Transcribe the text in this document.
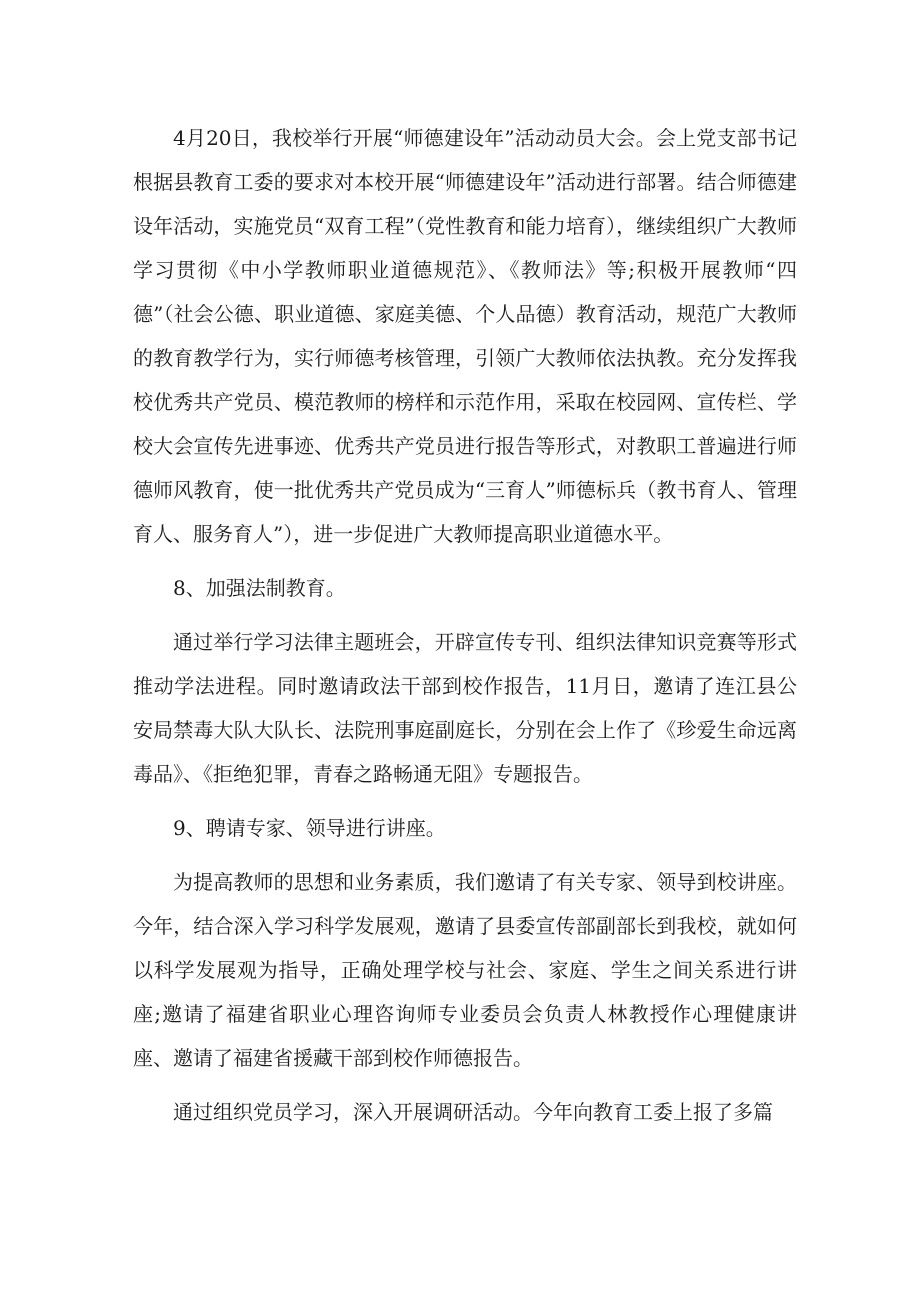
4月20日，我校举行开展“师德建设年”活动动员大会。会上党支部书记根据县教育工委的要求对本校开展“师德建设年”活动进行部署。结合师德建设年活动，实施党员“双育工程”（党性教育和能力培育），继续组织广大教师学习贯彻《中小学教师职业道德规范》、《教师法》等;积极开展教师“四德”（社会公德、职业道德、家庭美德、个人品德）教育活动，规范广大教师的教育教学行为，实行师德考核管理，引领广大教师依法执教。充分发挥我校优秀共产党员、模范教师的榜样和示范作用，采取在校园网、宣传栏、学校大会宣传先进事迹、优秀共产党员进行报告等形式，对教职工普遍进行师德师风教育，使一批优秀共产党员成为“三育人”师德标兵（教书育人、管理育人、服务育人”），进一步促进广大教师提高职业道德水平。

8、加强法制教育。

通过举行学习法律主题班会，开辟宣传专刊、组织法律知识竞赛等形式推动学法进程。同时邀请政法干部到校作报告，11月日，邀请了连江县公安局禁毒大队大队长、法院刑事庭副庭长，分别在会上作了《珍爱生命远离毒品》、《拒绝犯罪，青春之路畅通无阻》专题报告。

9、聘请专家、领导进行讲座。

为提高教师的思想和业务素质，我们邀请了有关专家、领导到校讲座。今年，结合深入学习科学发展观，邀请了县委宣传部副部长到我校，就如何以科学发展观为指导，正确处理学校与社会、家庭、学生之间关系进行讲座;邀请了福建省职业心理咨询师专业委员会负责人林教授作心理健康讲座、邀请了福建省援藏干部到校作师德报告。

通过组织党员学习，深入开展调研活动。今年向教育工委上报了多篇
